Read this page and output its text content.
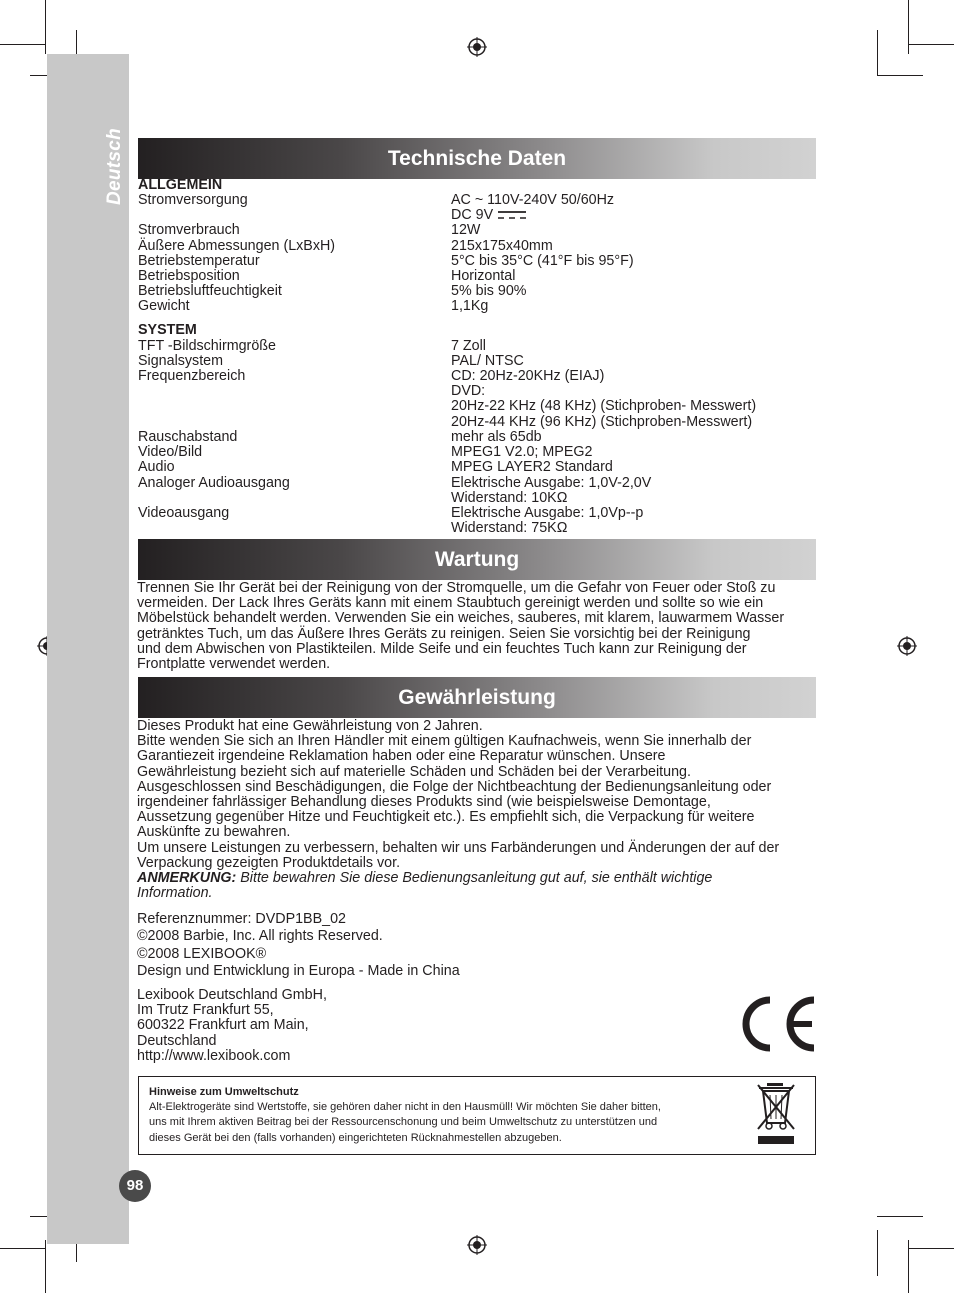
Deutsch	Technische Daten
ALLGEMEIN
Stromversorgung	AC ~ 110V-240V 50/60Hz
DC 9V
Stromverbrauch	12W
Äußere Abmessungen (LxBxH)	215x175x40mm
Betriebstemperatur	5°C bis 35°C (41°F bis 95°F)
Betriebsposition	Horizontal
Betriebsluftfeuchtigkeit	5% bis 90%
Gewicht	1,1Kg
SYSTEM
TFT -Bildschirmgröße	7 Zoll
Signalsystem	PAL/ NTSC
Frequenzbereich	CD: 20Hz-20KHz (EIAJ)
DVD:
20Hz-22 KHz (48 KHz) (Stichproben- Messwert)
20Hz-44 KHz (96 KHz) (Stichproben-Messwert)
Rauschabstand	mehr als 65db
Video/Bild	MPEG1 V2.0; MPEG2
Audio	MPEG LAYER2 Standard
Analoger Audioausgang	Elektrische Ausgabe: 1,0V-2,0V
Widerstand: 10KΩ
Videoausgang	Elektrische Ausgabe: 1,0Vp--p
Widerstand: 75KΩ
Wartung
Trennen Sie Ihr Gerät bei der Reinigung von der Stromquelle, um die Gefahr von Feuer oder Stoß zu
vermeiden. Der Lack Ihres Geräts kann mit einem Staubtuch gereinigt werden und sollte so wie ein
Möbelstück behandelt werden. Verwenden Sie ein weiches, sauberes, mit klarem, lauwarmem Wasser
getränktes Tuch, um das Äußere Ihres Geräts zu reinigen. Seien Sie vorsichtig bei der Reinigung
und dem Abwischen von Plastikteilen. Milde Seife und ein feuchtes Tuch kann zur Reinigung der
Frontplatte verwendet werden.
Gewährleistung
Dieses Produkt hat eine Gewährleistung von 2 Jahren.
Bitte wenden Sie sich an Ihren Händler mit einem gültigen Kaufnachweis, wenn Sie innerhalb der
Garantiezeit irgendeine Reklamation haben oder eine Reparatur wünschen. Unsere
Gewährleistung bezieht sich auf materielle Schäden und Schäden bei der Verarbeitung.
Ausgeschlossen sind Beschädigungen, die Folge der Nichtbeachtung der Bedienungsanleitung oder
irgendeiner fahrlässiger Behandlung dieses Produkts sind (wie beispielsweise Demontage,
Aussetzung gegenüber Hitze und Feuchtigkeit etc.). Es empfiehlt sich, die Verpackung für weitere
Auskünfte zu bewahren.
Um unsere Leistungen zu verbessern, behalten wir uns Farbänderungen und Änderungen der auf der
Verpackung gezeigten Produktdetails vor.
ANMERKUNG: Bitte bewahren Sie diese Bedienungsanleitung gut auf, sie enthält wichtige
Information.
Referenznummer: DVDP1BB_02
©2008 Barbie, Inc. All rights Reserved.
©2008 LEXIBOOK®
Design und Entwicklung in Europa - Made in China
Lexibook Deutschland GmbH,
Im Trutz Frankfurt 55,
600322 Frankfurt am Main,
Deutschland
http://www.lexibook.com
Hinweise zum Umweltschutz
Alt-Elektrogeräte sind Wertstoffe, sie gehören daher nicht in den Hausmüll! Wir möchten Sie daher bitten,
uns mit Ihrem aktiven Beitrag bei der Ressourcenschonung und beim Umweltschutz zu unterstützen und
dieses Gerät bei den (falls vorhanden) eingerichteten Rücknahmestellen abzugeben.
98
